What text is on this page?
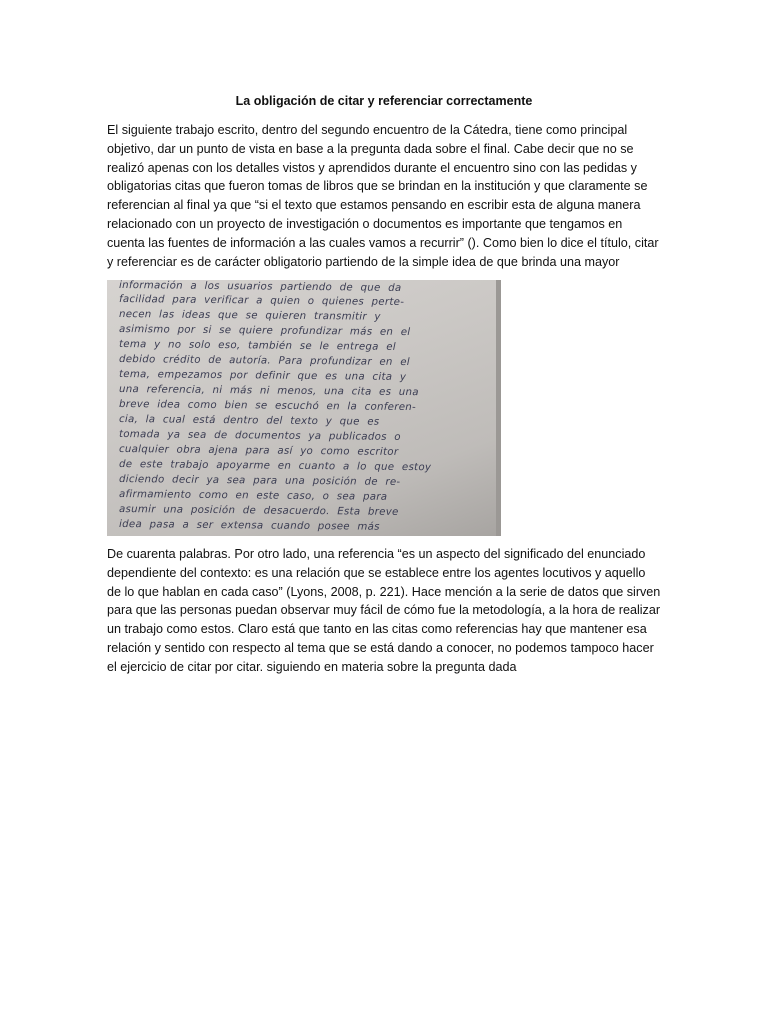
La obligación de citar y referenciar correctamente

El siguiente trabajo escrito, dentro del segundo encuentro de la Cátedra, tiene como principal
objetivo, dar un punto de vista en base a la pregunta dada sobre el final. Cabe decir que no se
realizó apenas con los detalles vistos y aprendidos durante el encuentro sino con las pedidas y
obligatorias citas que fueron tomas de libros que se brindan en la institución y que claramente se
referencian al final ya que “si el texto que estamos pensando en escribir esta de alguna manera
relacionado con un proyecto de investigación o documentos es importante que tengamos en
cuenta las fuentes de información a las cuales vamos a recurrir” (). Como bien lo dice el título, citar
y referenciar es de carácter obligatorio partiendo de la simple idea de que brinda una mayor

información a los usuarios partiendo de que da
facilidad para verificar a quien o quienes perte-
necen las ideas que se quieren transmitir y
asimismo por si se quiere profundizar más en el
tema y no solo eso, también se le entrega el
debido crédito de autoría. Para profundizar en el
tema, empezamos por definir que es una cita y
una referencia, ni más ni menos, una cita es una
breve idea como bien se escuchó en la conferen-
cia, la cual está dentro del texto y que es
tomada ya sea de documentos ya publicados o
cualquier obra ajena para así yo como escritor
de este trabajo apoyarme en cuanto a lo que estoy
diciendo decir ya sea para una posición de re-
afirmamiento como en este caso, o sea para
asumir una posición de desacuerdo. Esta breve
idea pasa a ser extensa cuando posee más

De cuarenta palabras. Por otro lado, una referencia “es un aspecto del significado del enunciado
dependiente del contexto: es una relación que se establece entre los agentes locutivos y aquello
de lo que hablan en cada caso” (Lyons, 2008, p. 221). Hace mención a la serie de datos que sirven
para que las personas puedan observar muy fácil de cómo fue la metodología, a la hora de realizar
un trabajo como estos. Claro está que tanto en las citas como referencias hay que mantener esa
relación y sentido con respecto al tema que se está dando a conocer, no podemos tampoco hacer
el ejercicio de citar por citar. siguiendo en materia sobre la pregunta dada
